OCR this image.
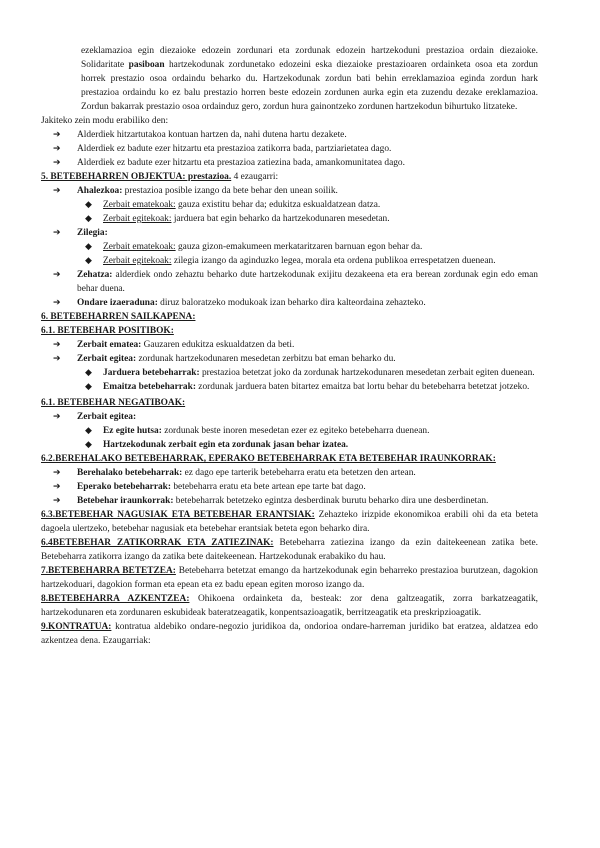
ezeklamazioa egin diezaioke edozein zordunari eta zordunak edozein hartzekoduni prestazioa ordain diezaioke. Solidaritate pasiboan hartzekodunak zordunetako edozeini eska diezaioke prestazioaren ordainketa osoa eta zordun horrek prestazio osoa ordaindu beharko du. Hartzekodunak zordun bati behin erreklamazioa eginda zordun hark prestazioa ordaindu ko ez balu prestazio horren beste edozein zordunen aurka egin eta zuzendu dezake ereklamazioa. Zordun bakarrak prestazio osoa ordainduz gero, zordun hura gainontzeko zordunen hartzekodun bihurtuko litzateke.

Jakiteko zein modu erabiliko den:

➔	Alderdiek hitzartutakoa kontuan hartzen da, nahi dutena hartu dezakete.
➔	Alderdiek ez badute ezer hitzartu eta prestazioa zatikorra bada, partziarietatea dago.
➔	Alderdiek ez badute ezer hitzartu eta prestazioa zatiezina bada, amankomunitatea dago.

5. BETEBEHARREN OBJEKTUA: prestazioa. 4 ezaugarri:

➔	Ahalezkoa: prestazioa posible izango da bete behar den unean soilik.
◆	Zerbait ematekoak: gauza existitu behar da; edukitza eskualdatzean datza.
◆	Zerbait egitekoak: jarduera bat egin beharko da hartzekodunaren mesedetan.
➔	Zilegia:
◆	Zerbait ematekoak: gauza gizon-emakumeen merkataritzaren barnuan egon behar da.
◆	Zerbait egitekoak: zilegia izango da aginduzko legea, morala eta ordena publikoa errespetatzen duenean.
➔	Zehatza: alderdiek ondo zehaztu beharko dute hartzekodunak exijitu dezakeena eta era berean zordunak egin edo eman behar duena.
➔	Ondare izaeraduna: diruz baloratzeko modukoak izan beharko dira kalteordaina zehazteko.

6. BETEBEHARREN SAILKAPENA:

6.1. BETEBEHAR POSITIBOK:

➔	Zerbait ematea: Gauzaren edukitza eskualdatzen da beti.
➔	Zerbait egitea: zordunak hartzekodunaren mesedetan zerbitzu bat eman beharko du.
◆	Jarduera betebeharrak: prestazioa betetzat joko da zordunak hartzekodunaren mesedetan zerbait egiten duenean.
◆	Emaitza betebeharrak: zordunak jarduera baten bitartez emaitza bat lortu behar du betebeharra betetzat jotzeko.

6.1. BETEBEHAR NEGATIBOAK:

➔	Zerbait egitea:
◆	Ez egite hutsa: zordunak beste inoren mesedetan ezer ez egiteko betebeharra duenean.
◆	Hartzekodunak zerbait egin eta zordunak jasan behar izatea.

6.2.BEREHALAKO BETEBEHARRAK, EPERAKO BETEBEHARRAK ETA BETEBEHAR IRAUNKORRAK:

➔	Berehalako betebeharrak: ez dago epe tarterik betebeharra eratu eta betetzen den artean.
➔	Eperako betebeharrak: betebeharra eratu eta bete artean epe tarte bat dago.
➔	Betebehar iraunkorrak: betebeharrak betetzeko egintza desberdinak burutu beharko dira une desberdinetan.

6.3.BETEBEHAR NAGUSIAK ETA BETEBEHAR ERANTSIAK: Zehazteko irizpide ekonomikoa erabili ohi da eta beteta dagoela ulertzeko, betebehar nagusiak eta betebehar erantsiak beteta egon beharko dira.

6.4BETEBEHAR ZATIKORRAK ETA ZATIEZINAK: Betebeharra zatiezina izango da ezin daitekeenean zatika bete. Betebeharra zatikorra izango da zatika bete daitekeenean. Hartzekodunak erabakiko du hau.

7.BETEBEHARRA BETETZEA: Betebeharra betetzat emango da hartzekodunak egin beharreko prestazioa burutzean, dagokion hartzekoduari, dagokion forman eta epean eta ez badu epean egiten moroso izango da.

8.BETEBEHARRA AZKENTZEA: Ohikoena ordainketa da, besteak: zor dena galtzeagatik, zorra barkatzeagatik, hartzekodunaren eta zordunaren eskubideak bateratzeagatik, konpentsazioagatik, berritzeagatik eta preskripzioagatik.

9.KONTRATUA: kontratua aldebiko ondare-negozio juridikoa da, ondorioa ondare-harreman juridiko bat eratzea, aldatzea edo azkentzea dena. Ezaugarriak:
